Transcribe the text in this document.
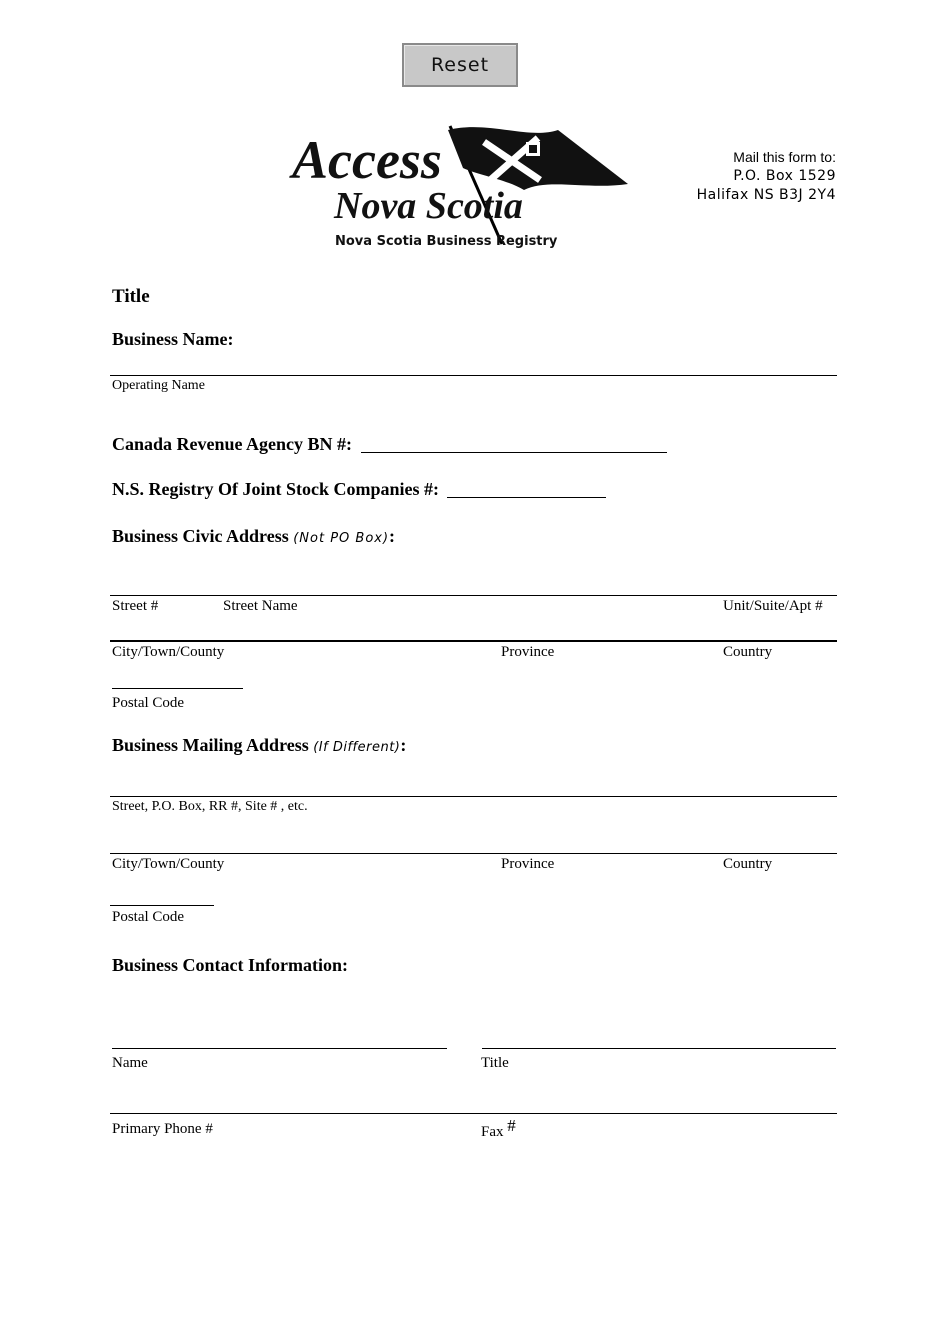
Reset
Access
Nova Scotia
Nova Scotia Business Registry
Mail this form to:
P.O. Box 1529
Halifax NS B3J 2Y4
Title
Business Name:
Operating Name
Canada Revenue Agency BN #:
N.S. Registry Of Joint Stock Companies #:
Business Civic Address (Not PO Box):
Street #	Street Name	Unit/Suite/Apt #
City/Town/County	Province	Country
Postal Code
Business Mailing Address (If Different):
Street, P.O. Box, RR #, Site # , etc.
City/Town/County	Province	Country
Postal Code
Business Contact Information:
Name	Title
Primary Phone #	Fax #
